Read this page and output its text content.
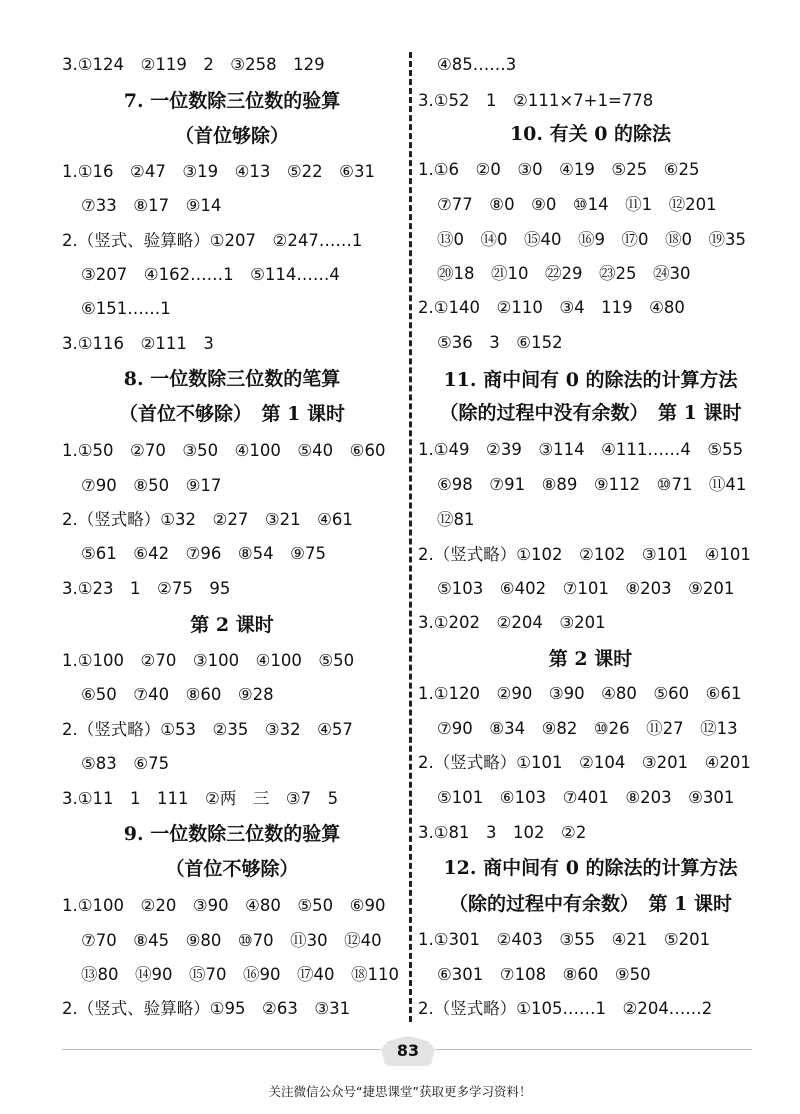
3.①124　②119　2　③258　129
7. 一位数除三位数的验算
（首位够除）
1.①16　②47　③19　④13　⑤22　⑥31
⑦33　⑧17　⑨14
2.（竖式、验算略）①207　②247……1
③207　④162……1　⑤114……4
⑥151……1
3.①116　②111　3
8. 一位数除三位数的笔算
（首位不够除）　第 1 课时
1.①50　②70　③50　④100　⑤40　⑥60
⑦90　⑧50　⑨17
2.（竖式略）①32　②27　③21　④61
⑤61　⑥42　⑦96　⑧54　⑨75
3.①23　1　②75　95
第 2 课时
1.①100　②70　③100　④100　⑤50
⑥50　⑦40　⑧60　⑨28
2.（竖式略）①53　②35　③32　④57
⑤83　⑥75
3.①11　1　111　②两　三　③7　5
9. 一位数除三位数的验算
（首位不够除）
1.①100　②20　③90　④80　⑤50　⑥90
⑦70　⑧45　⑨80　⑩70　⑪30　⑫40
⑬80　⑭90　⑮70　⑯90　⑰40　⑱110
2.（竖式、验算略）①95　②63　③31
④85……3
3.①52　1　②111×7+1=778
10. 有关 0 的除法
1.①6　②0　③0　④19　⑤25　⑥25
⑦77　⑧0　⑨0　⑩14　⑪1　⑫201
⑬0　⑭0　⑮40　⑯9　⑰0　⑱0　⑲35
⑳18　㉑10　㉒29　㉓25　㉔30
2.①140　②110　③4　119　④80
⑤36　3　⑥152
11. 商中间有 0 的除法的计算方法
（除的过程中没有余数）　第 1 课时
1.①49　②39　③114　④111……4　⑤55
⑥98　⑦91　⑧89　⑨112　⑩71　⑪41
⑫81
2.（竖式略）①102　②102　③101　④101
⑤103　⑥402　⑦101　⑧203　⑨201
3.①202　②204　③201
第 2 课时
1.①120　②90　③90　④80　⑤60　⑥61
⑦90　⑧34　⑨82　⑩26　⑪27　⑫13
2.（竖式略）①101　②104　③201　④201
⑤101　⑥103　⑦401　⑧203　⑨301
3.①81　3　102　②2
12. 商中间有 0 的除法的计算方法
（除的过程中有余数）　第 1 课时
1.①301　②403　③55　④21　⑤201
⑥301　⑦108　⑧60　⑨50
2.（竖式略）①105……1　②204……2
83
关注微信公众号“捷思课堂”获取更多学习资料！
